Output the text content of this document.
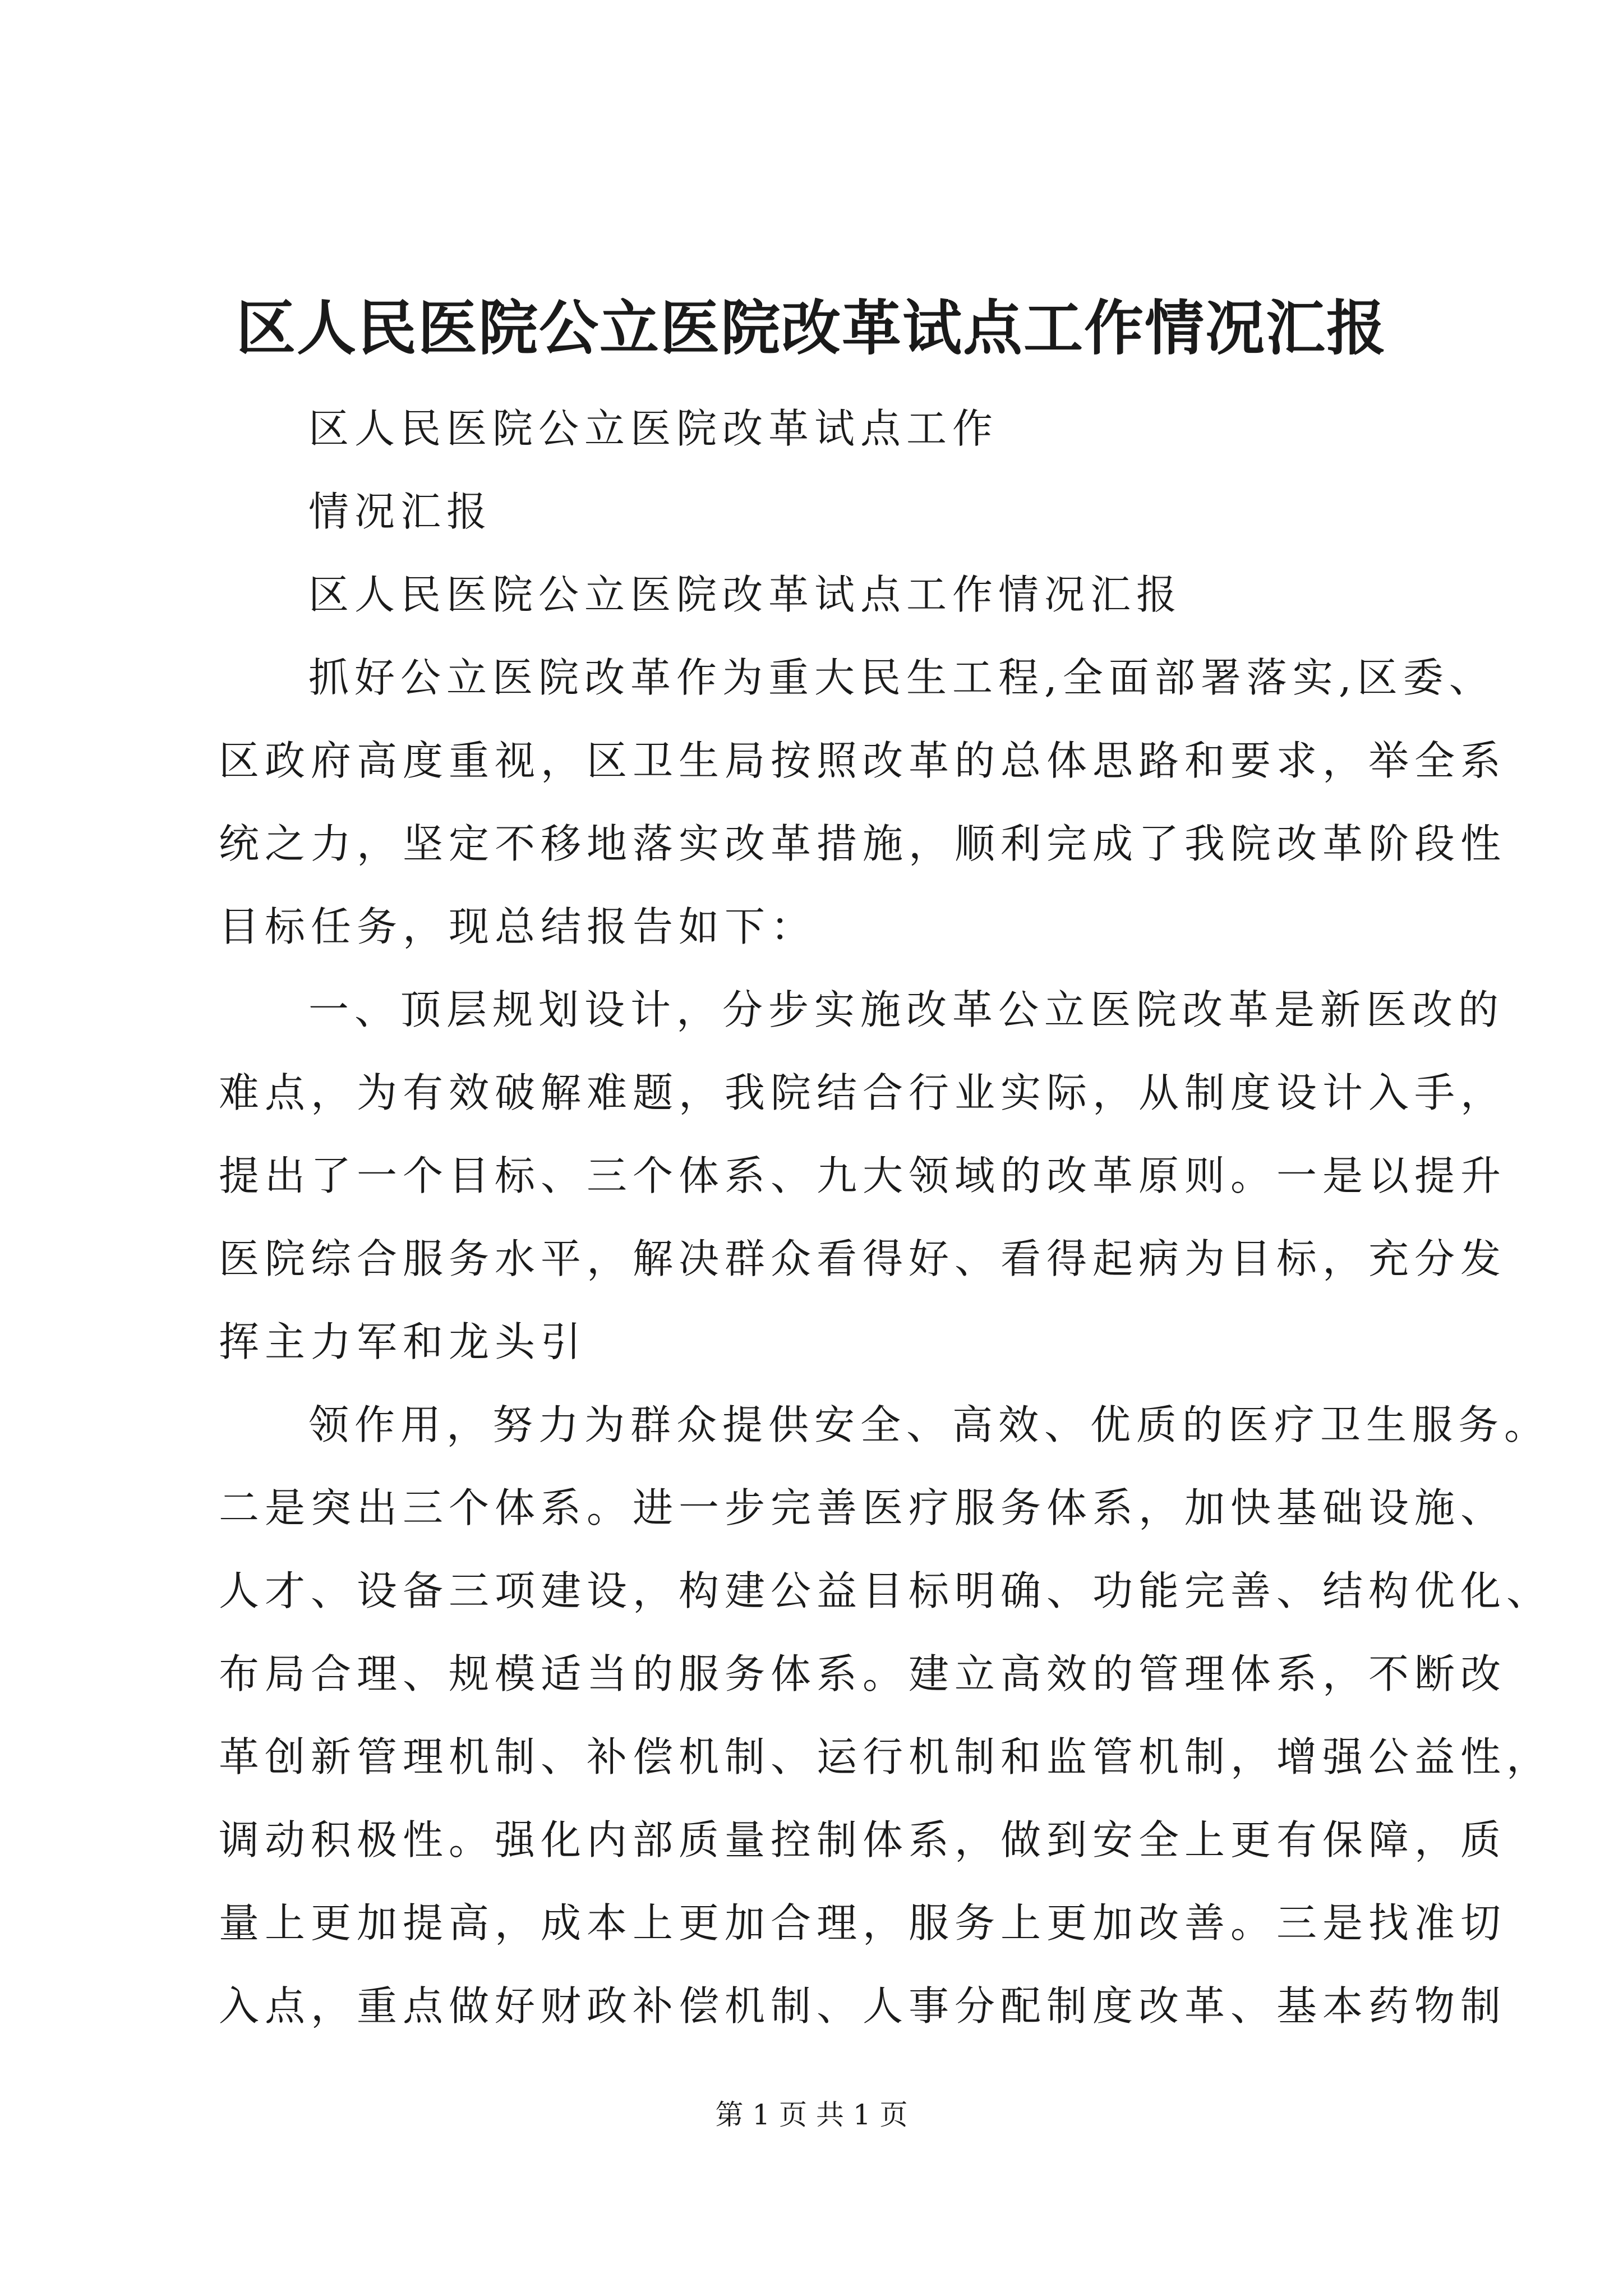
区人民医院公立医院改革试点工作情况汇报
区人民医院公立医院改革试点工作
情况汇报
区人民医院公立医院改革试点工作情况汇报
抓好公立医院改革作为重大民生工程,全面部署落实,区委、
区政府高度重视，区卫生局按照改革的总体思路和要求，举全系
统之力，坚定不移地落实改革措施，顺利完成了我院改革阶段性
目标任务，现总结报告如下：
一、顶层规划设计，分步实施改革公立医院改革是新医改的
难点，为有效破解难题，我院结合行业实际，从制度设计入手，
提出了一个目标、三个体系、九大领域的改革原则。一是以提升
医院综合服务水平，解决群众看得好、看得起病为目标，充分发
挥主力军和龙头引
领作用，努力为群众提供安全、高效、优质的医疗卫生服务。
二是突出三个体系。进一步完善医疗服务体系，加快基础设施、
人才、设备三项建设，构建公益目标明确、功能完善、结构优化、
布局合理、规模适当的服务体系。建立高效的管理体系，不断改
革创新管理机制、补偿机制、运行机制和监管机制，增强公益性，
调动积极性。强化内部质量控制体系，做到安全上更有保障，质
量上更加提高，成本上更加合理，服务上更加改善。三是找准切
入点，重点做好财政补偿机制、人事分配制度改革、基本药物制
第 1 页 共 1 页
